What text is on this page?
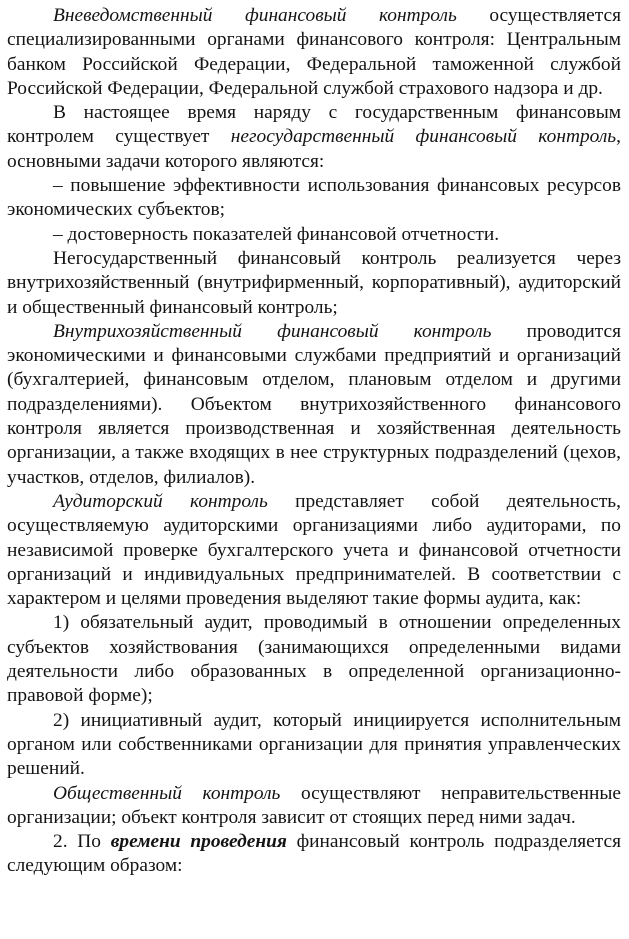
Вневедомственный финансовый контроль осуществляется специализированными органами финансового контроля: Центральным банком Российской Федерации, Федеральной таможенной службой Российской Федерации, Федеральной службой страхового надзора и др.

В настоящее время наряду с государственным финансовым контролем существует негосударственный финансовый контроль, основными задачи которого являются:

– повышение эффективности использования финансовых ресурсов экономических субъектов;

– достоверность показателей финансовой отчетности.

Негосударственный финансовый контроль реализуется через внутрихозяйственный (внутрифирменный, корпоративный), аудиторский и общественный финансовый контроль;

Внутрихозяйственный финансовый контроль проводится экономическими и финансовыми службами предприятий и организаций (бухгалтерией, финансовым отделом, плановым отделом и другими подразделениями). Объектом внутрихозяйственного финансового контроля является производственная и хозяйственная деятельность организации, а также входящих в нее структурных подразделений (цехов, участков, отделов, филиалов).

Аудиторский контроль представляет собой деятельность, осуществляемую аудиторскими организациями либо аудиторами, по независимой проверке бухгалтерского учета и финансовой отчетности организаций и индивидуальных предпринимателей. В соответствии с характером и целями проведения выделяют такие формы аудита, как:

1) обязательный аудит, проводимый в отношении определенных субъектов хозяйствования (занимающихся определенными видами деятельности либо образованных в определенной организационно-правовой форме);

2) инициативный аудит, который инициируется исполнительным органом или собственниками организации для принятия управленческих решений.

Общественный контроль осуществляют неправительственные организации; объект контроля зависит от стоящих перед ними задач.

2. По времени проведения финансовый контроль подразделяется следующим образом:
